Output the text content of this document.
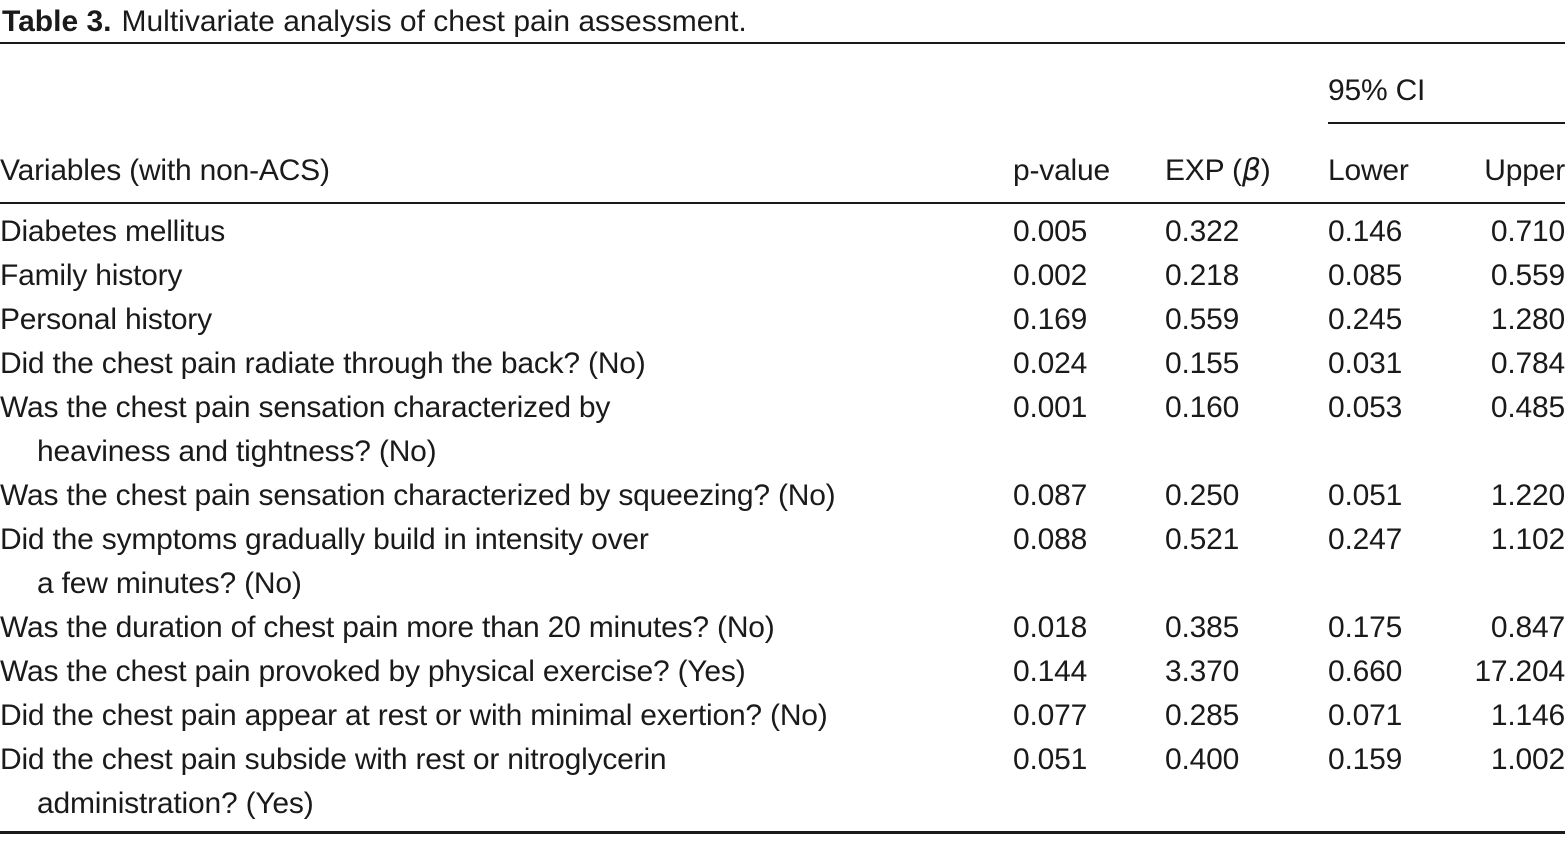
Table 3. Multivariate analysis of chest pain assessment.

			95% CI	
Variables (with non-ACS)	p-value	EXP (β)	Lower	Upper
Diabetes mellitus	0.005	0.322	0.146	0.710
Family history	0.002	0.218	0.085	0.559
Personal history	0.169	0.559	0.245	1.280
Did the chest pain radiate through the back? (No)	0.024	0.155	0.031	0.784
Was the chest pain sensation characterized by
heaviness and tightness? (No)	0.001	0.160	0.053	0.485
Was the chest pain sensation characterized by squeezing? (No)	0.087	0.250	0.051	1.220
Did the symptoms gradually build in intensity over
a few minutes? (No)	0.088	0.521	0.247	1.102
Was the duration of chest pain more than 20 minutes? (No)	0.018	0.385	0.175	0.847
Was the chest pain provoked by physical exercise? (Yes)	0.144	3.370	0.660	17.204
Did the chest pain appear at rest or with minimal exertion? (No)	0.077	0.285	0.071	1.146
Did the chest pain subside with rest or nitroglycerin
administration? (Yes)	0.051	0.400	0.159	1.002
